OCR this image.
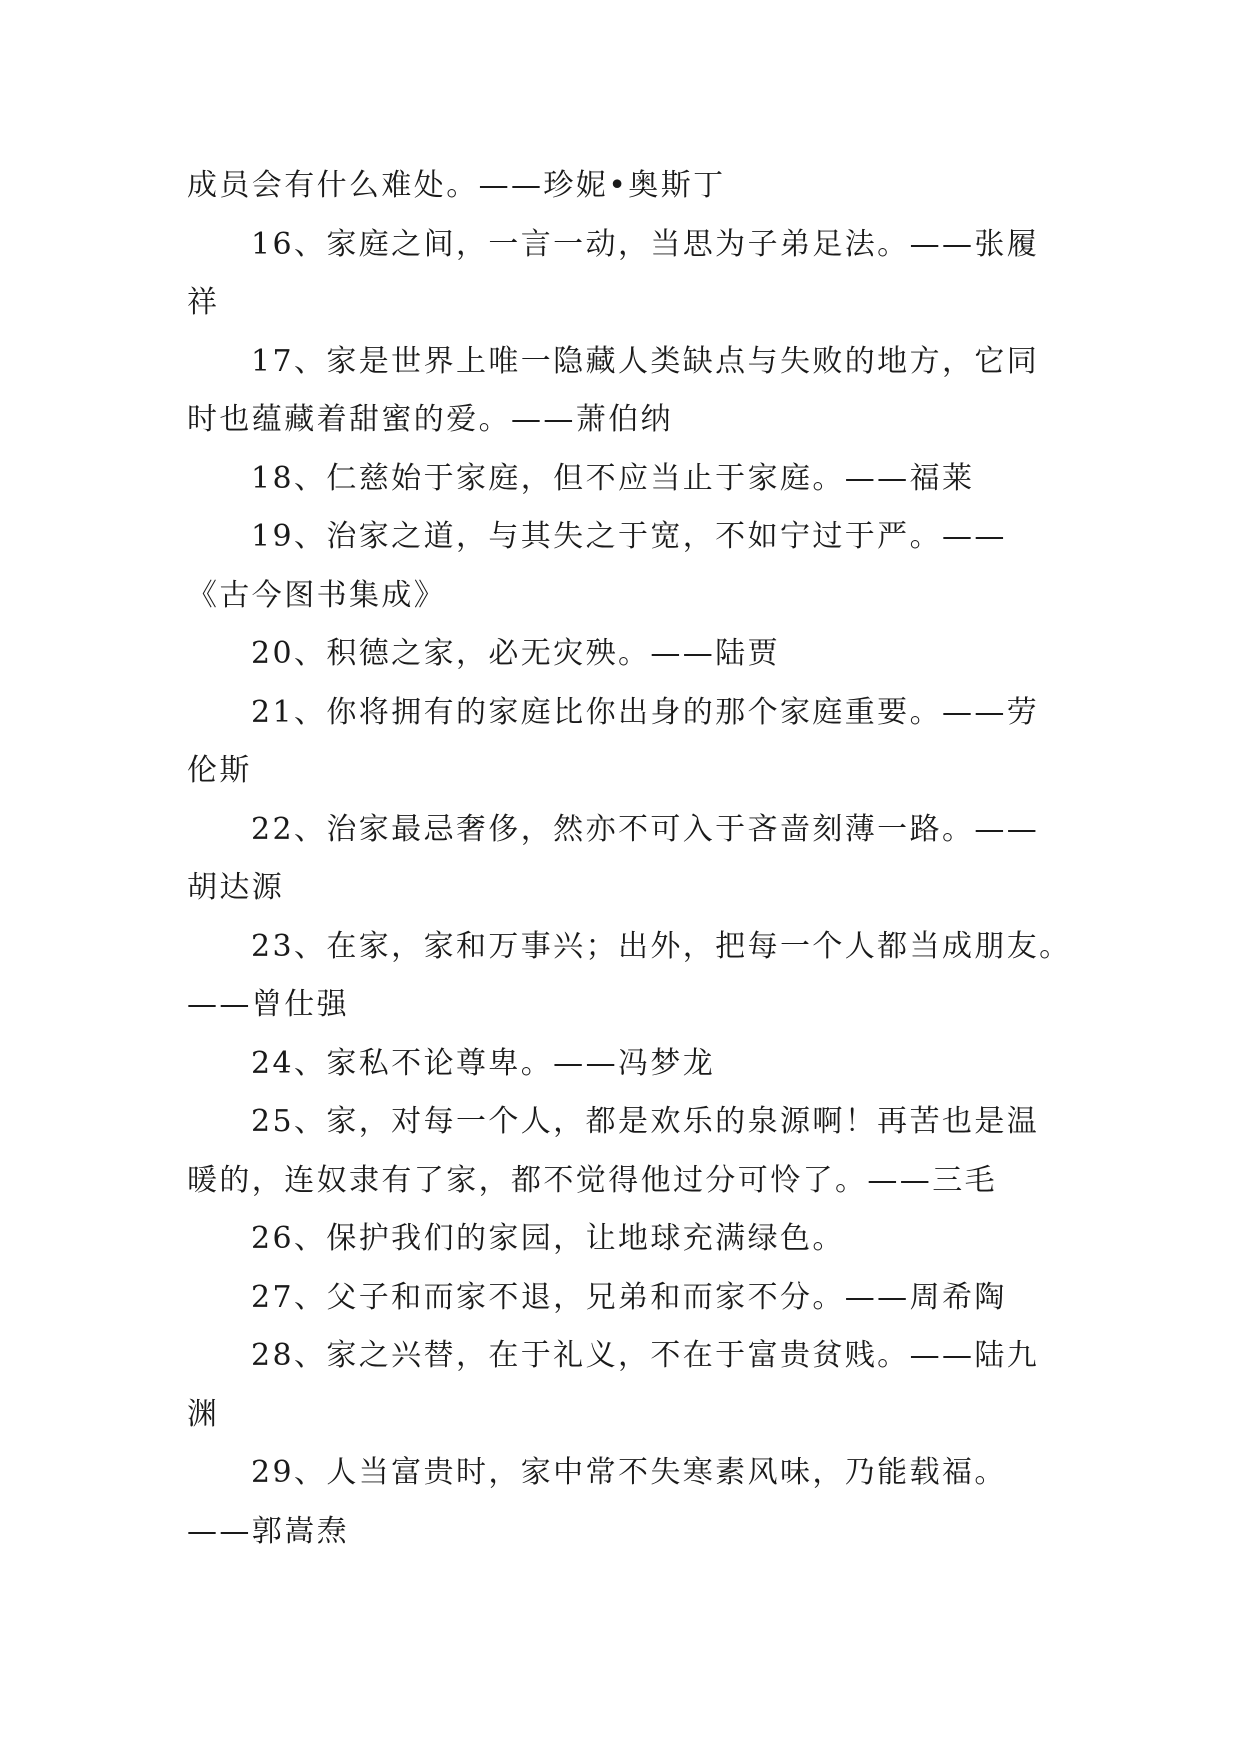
成员会有什么难处。——珍妮•奥斯丁
16、家庭之间，一言一动，当思为子弟足法。——张履
祥
17、家是世界上唯一隐藏人类缺点与失败的地方，它同
时也蕴藏着甜蜜的爱。——萧伯纳
18、仁慈始于家庭，但不应当止于家庭。——福莱
19、治家之道，与其失之于宽，不如宁过于严。——
《古今图书集成》
20、积德之家，必无灾殃。——陆贾
21、你将拥有的家庭比你出身的那个家庭重要。——劳
伦斯
22、治家最忌奢侈，然亦不可入于吝啬刻薄一路。——
胡达源
23、在家，家和万事兴；出外，把每一个人都当成朋友。
——曾仕强
24、家私不论尊卑。——冯梦龙
25、家，对每一个人，都是欢乐的泉源啊！再苦也是温
暖的，连奴隶有了家，都不觉得他过分可怜了。——三毛
26、保护我们的家园，让地球充满绿色。
27、父子和而家不退，兄弟和而家不分。——周希陶
28、家之兴替，在于礼义，不在于富贵贫贱。——陆九
渊
29、人当富贵时，家中常不失寒素风味，乃能载福。
——郭嵩焘
